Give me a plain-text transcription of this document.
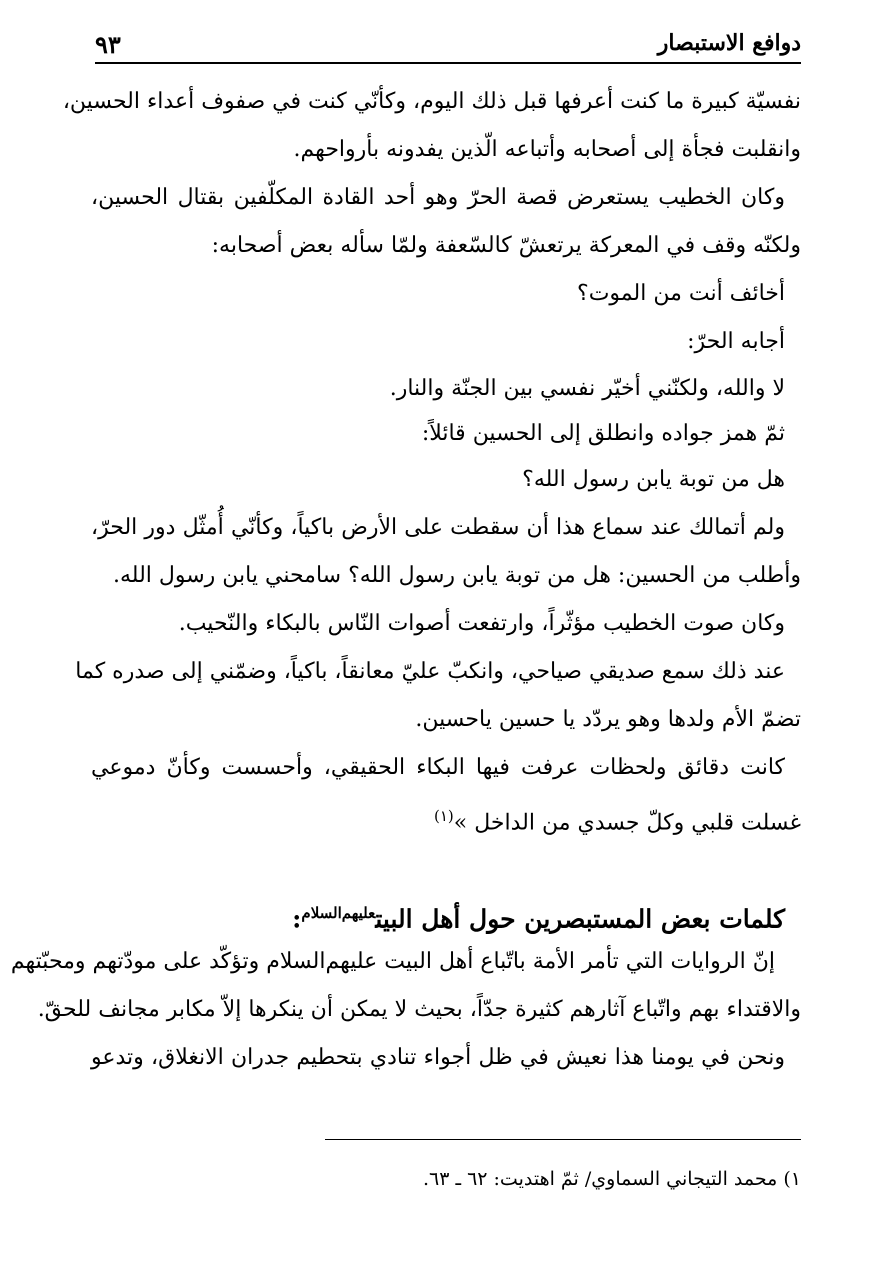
دوافع الاستبصار
٩٣
نفسيّة كبيرة ما كنت أعرفها قبل ذلك اليوم، وكأنّي كنت في صفوف أعداء الحسين،
وانقلبت فجأة إلى أصحابه وأتباعه الّذين يفدونه بأرواحهم.
وكان الخطيب يستعرض قصة الحرّ وهو أحد القادة المكلّفين بقتال الحسين،
ولكنّه وقف في المعركة يرتعشّ كالسّعفة ولمّا سأله بعض أصحابه:
أخائف أنت من الموت؟
أجابه الحرّ:
لا والله، ولكنّني أخيّر نفسي بين الجنّة والنار.
ثمّ همز جواده وانطلق إلى الحسين قائلاً:
هل من توبة يابن رسول الله؟
ولم أتمالك عند سماع هذا أن سقطت على الأرض باكياً، وكأنّي أُمثّل دور الحرّ،
وأطلب من الحسين: هل من توبة يابن رسول الله؟ سامحني يابن رسول الله.
وكان صوت الخطيب مؤثّراً، وارتفعت أصوات النّاس بالبكاء والنّحيب.
عند ذلك سمع صديقي صياحي، وانكبّ عليّ معانقاً، باكياً، وضمّني إلى صدره كما
تضمّ الأم ولدها وهو يردّد يا حسين ياحسين.
كانت دقائق ولحظات عرفت فيها البكاء الحقيقي، وأحسست وكأنّ دموعي
غسلت قلبي وكلّ جسدي من الداخل »$^{(١)}$
كلمات بعض المستبصرين حول أهل البيت$^{عليهم‌السلام}$:
إنّ الروايات التي تأمر الأمة باتّباع أهل البيت عليهم‌السلام وتؤكّد على مودّتهم ومحبّتهم
والاقتداء بهم واتّباع آثارهم كثيرة جدّاً، بحيث لا يمكن أن ينكرها إلاّ مكابر مجانف للحقّ.
ونحن في يومنا هذا نعيش في ظل أجواء تنادي بتحطيم جدران الانغلاق، وتدعو
١) محمد التيجاني السماوي/ ثمّ اهتديت: ٦٢ ـ ٦٣.
